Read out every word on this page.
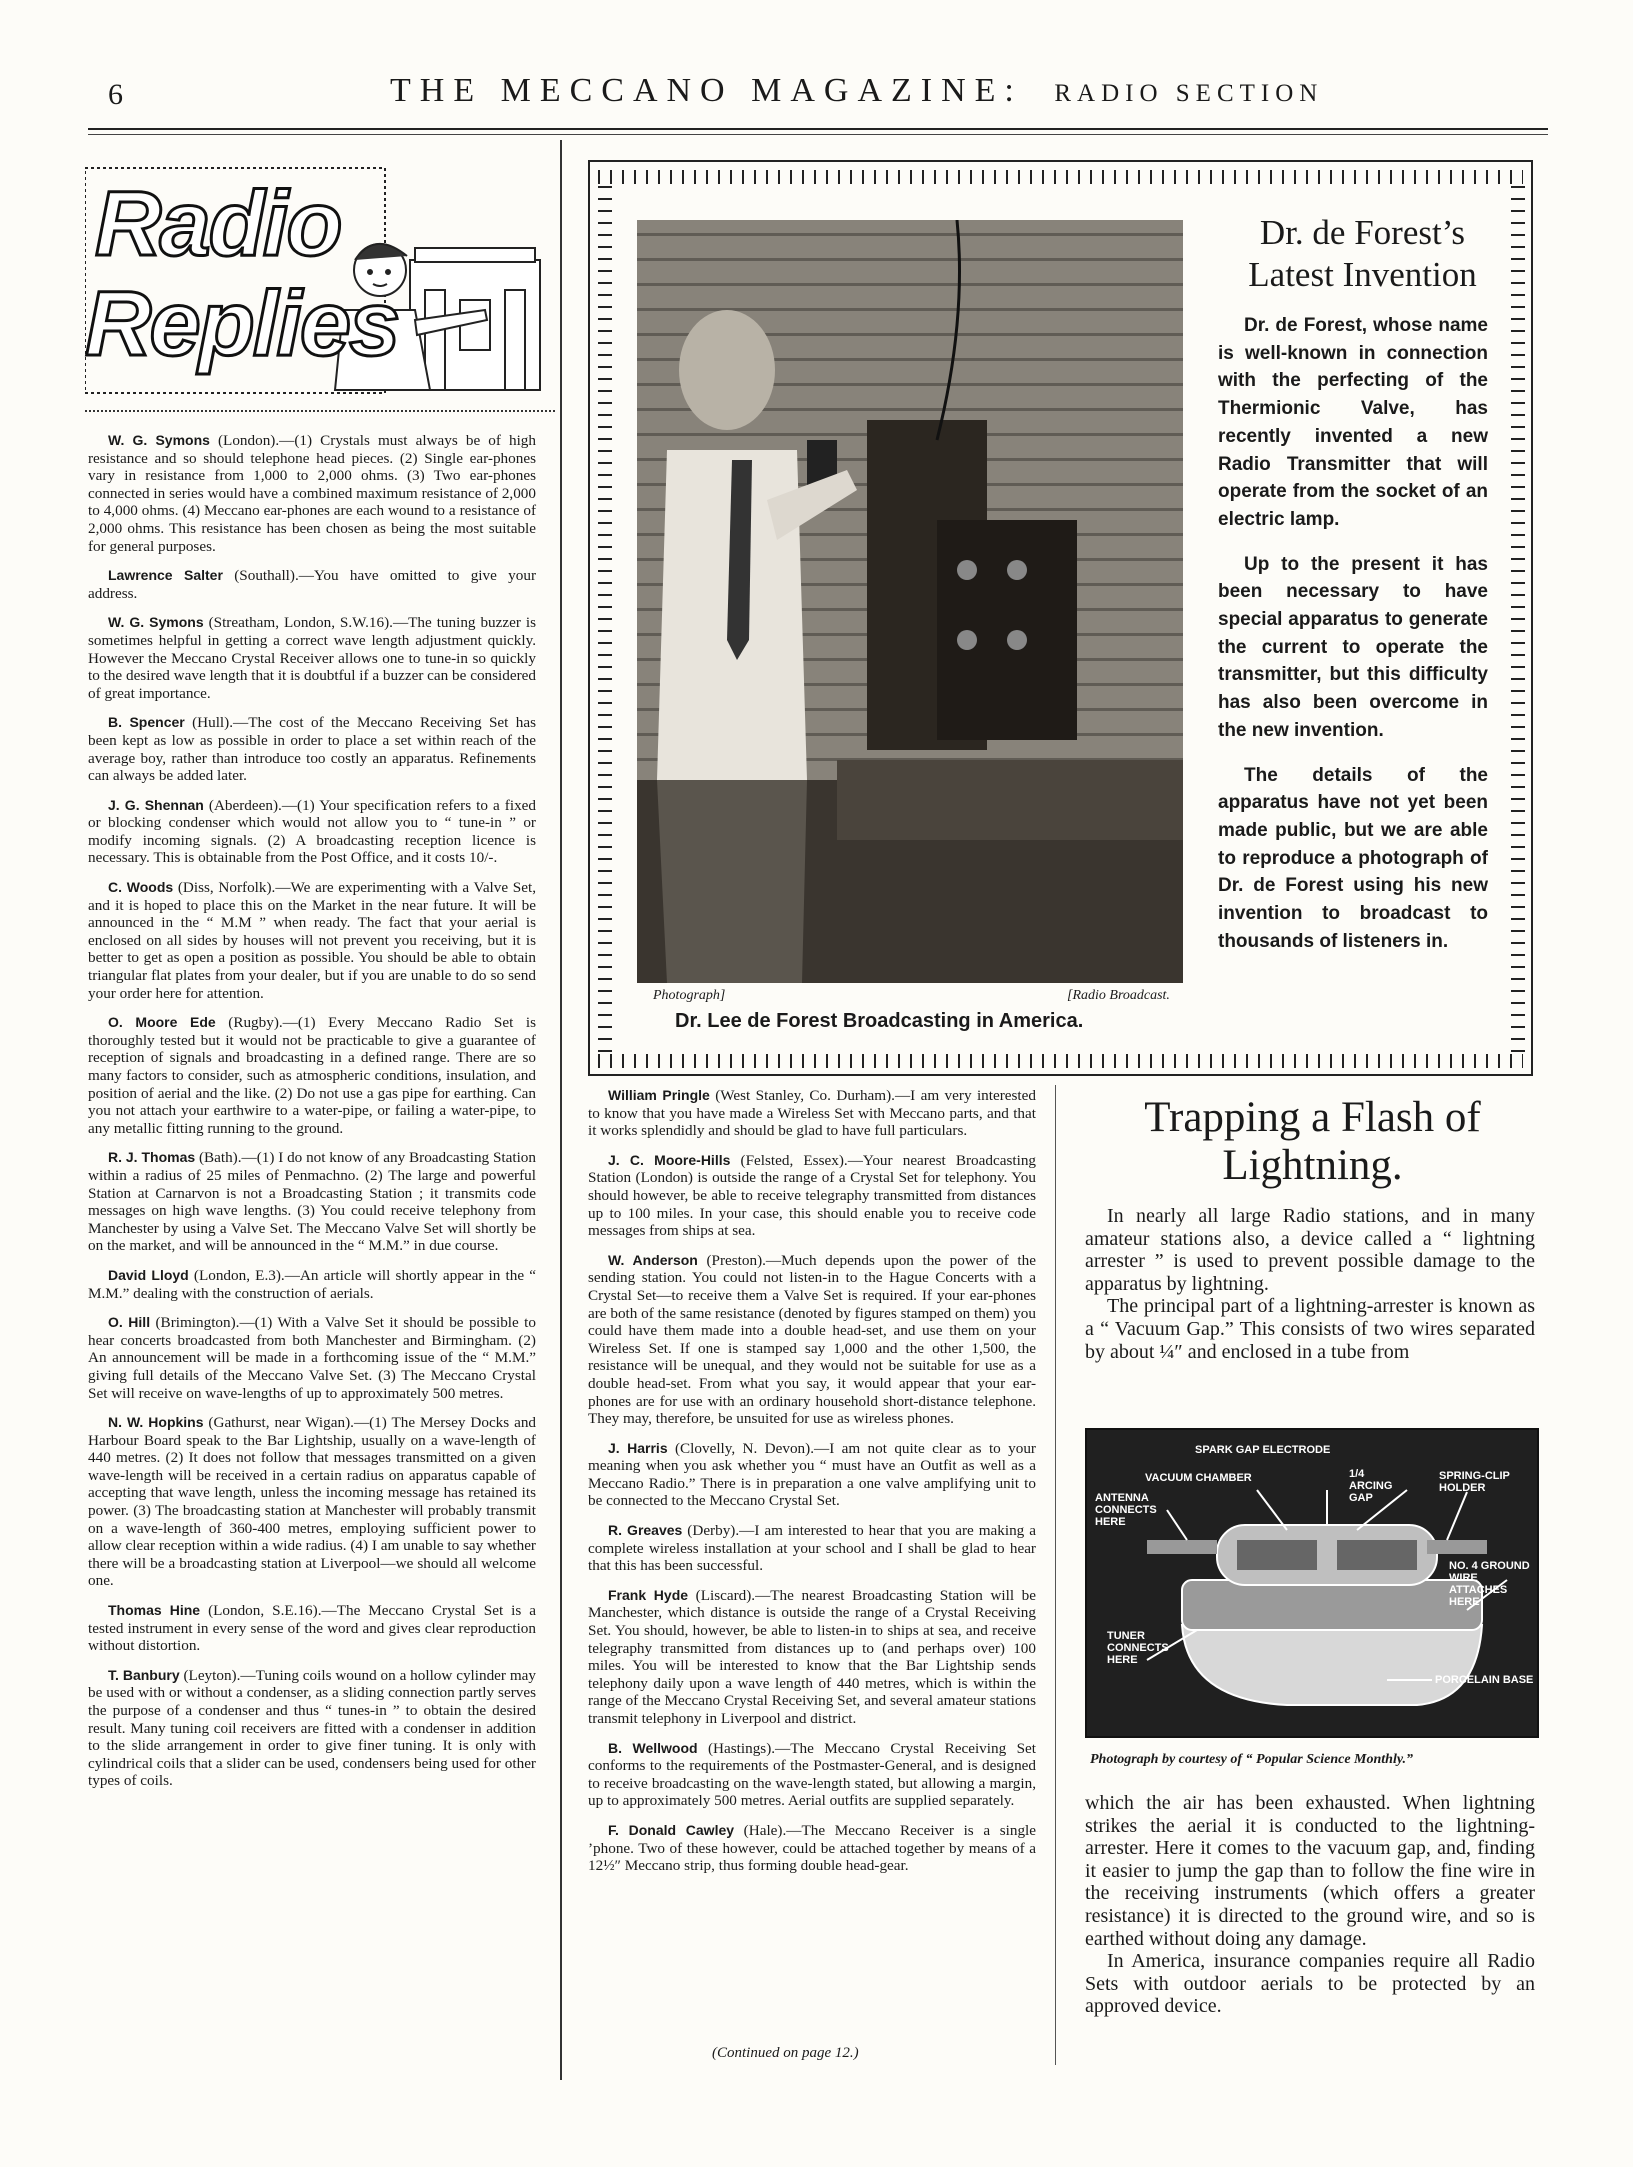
6	THE MECCANO MAGAZINE: RADIO SECTION
Radio
Replies

W. G. Symons (London).—(1) Crystals must always be of high resistance and so should telephone head pieces. (2) Single ear-phones vary in resistance from 1,000 to 2,000 ohms. (3) Two ear-phones connected in series would have a combined maximum resistance of 2,000 to 4,000 ohms. (4) Meccano ear-phones are each wound to a resistance of 2,000 ohms. This resistance has been chosen as being the most suitable for general purposes.

Lawrence Salter (Southall).—You have omitted to give your address.

W. G. Symons (Streatham, London, S.W.16).—The tuning buzzer is sometimes helpful in getting a correct wave length adjustment quickly. However the Meccano Crystal Receiver allows one to tune-in so quickly to the desired wave length that it is doubtful if a buzzer can be considered of great importance.

B. Spencer (Hull).—The cost of the Meccano Receiving Set has been kept as low as possible in order to place a set within reach of the average boy, rather than introduce too costly an apparatus. Refinements can always be added later.

J. G. Shennan (Aberdeen).—(1) Your specification refers to a fixed or blocking condenser which would not allow you to “ tune-in ” or modify incoming signals. (2) A broadcasting reception licence is necessary. This is obtainable from the Post Office, and it costs 10/-.

C. Woods (Diss, Norfolk).—We are experimenting with a Valve Set, and it is hoped to place this on the Market in the near future. It will be announced in the “ M.M ” when ready. The fact that your aerial is enclosed on all sides by houses will not prevent you receiving, but it is better to get as open a position as possible. You should be able to obtain triangular flat plates from your dealer, but if you are unable to do so send your order here for attention.

O. Moore Ede (Rugby).—(1) Every Meccano Radio Set is thoroughly tested but it would not be practicable to give a guarantee of reception of signals and broadcasting in a defined range. There are so many factors to consider, such as atmospheric conditions, insulation, and position of aerial and the like. (2) Do not use a gas pipe for earthing. Can you not attach your earthwire to a water-pipe, or failing a water-pipe, to any metallic fitting running to the ground.

R. J. Thomas (Bath).—(1) I do not know of any Broadcasting Station within a radius of 25 miles of Penmachno. (2) The large and powerful Station at Carnarvon is not a Broadcasting Station ; it transmits code messages on high wave lengths. (3) You could receive telephony from Manchester by using a Valve Set. The Meccano Valve Set will shortly be on the market, and will be announced in the “ M.M.” in due course.

David Lloyd (London, E.3).—An article will shortly appear in the “ M.M.” dealing with the construction of aerials.

O. Hill (Brimington).—(1) With a Valve Set it should be possible to hear concerts broadcasted from both Manchester and Birmingham. (2) An announcement will be made in a forthcoming issue of the “ M.M.” giving full details of the Meccano Valve Set. (3) The Meccano Crystal Set will receive on wave-lengths of up to approximately 500 metres.

N. W. Hopkins (Gathurst, near Wigan).—(1) The Mersey Docks and Harbour Board speak to the Bar Lightship, usually on a wave-length of 440 metres. (2) It does not follow that messages transmitted on a given wave-length will be received in a certain radius on apparatus capable of accepting that wave length, unless the incoming message has retained its power. (3) The broadcasting station at Manchester will probably transmit on a wave-length of 360-400 metres, employing sufficient power to allow clear reception within a wide radius. (4) I am unable to say whether there will be a broadcasting station at Liverpool—we should all welcome one.

Thomas Hine (London, S.E.16).—The Meccano Crystal Set is a tested instrument in every sense of the word and gives clear reproduction without distortion.

T. Banbury (Leyton).—Tuning coils wound on a hollow cylinder may be used with or without a condenser, as a sliding connection partly serves the purpose of a condenser and thus “ tunes-in ” to obtain the desired result. Many tuning coil receivers are fitted with a condenser in addition to the slide arrangement in order to give finer tuning. It is only with cylindrical coils that a slider can be used, condensers being used for other types of coils.

Photograph]	[Radio Broadcast.
Dr. Lee de Forest Broadcasting in America.
Dr. de Forest’s
Latest Invention

Dr. de Forest, whose name is well-known in connection with the perfecting of the Thermionic Valve, has recently invented a new Radio Transmitter that will operate from the socket of an electric lamp.

Up to the present it has been necessary to have special apparatus to generate the current to operate the transmitter, but this difficulty has also been overcome in the new invention.

The details of the apparatus have not yet been made public, but we are able to reproduce a photograph of Dr. de Forest using his new invention to broadcast to thousands of listeners in.

William Pringle (West Stanley, Co. Durham).—I am very interested to know that you have made a Wireless Set with Meccano parts, and that it works splendidly and should be glad to have full particulars.

J. C. Moore-Hills (Felsted, Essex).—Your nearest Broadcasting Station (London) is outside the range of a Crystal Set for telephony. You should however, be able to receive telegraphy transmitted from distances up to 100 miles. In your case, this should enable you to receive code messages from ships at sea.

W. Anderson (Preston).—Much depends upon the power of the sending station. You could not listen-in to the Hague Concerts with a Crystal Set—to receive them a Valve Set is required. If your ear-phones are both of the same resistance (denoted by figures stamped on them) you could have them made into a double head-set, and use them on your Wireless Set. If one is stamped say 1,000 and the other 1,500, the resistance will be unequal, and they would not be suitable for use as a double head-set. From what you say, it would appear that your ear-phones are for use with an ordinary household short-distance telephone. They may, therefore, be unsuited for use as wireless phones.

J. Harris (Clovelly, N. Devon).—I am not quite clear as to your meaning when you ask whether you “ must have an Outfit as well as a Meccano Radio.” There is in preparation a one valve amplifying unit to be connected to the Meccano Crystal Set.

R. Greaves (Derby).—I am interested to hear that you are making a complete wireless installation at your school and I shall be glad to hear that this has been successful.

Frank Hyde (Liscard).—The nearest Broadcasting Station will be Manchester, which distance is outside the range of a Crystal Receiving Set. You should, however, be able to listen-in to ships at sea, and receive telegraphy transmitted from distances up to (and perhaps over) 100 miles. You will be interested to know that the Bar Lightship sends telephony daily upon a wave length of 440 metres, which is within the range of the Meccano Crystal Receiving Set, and several amateur stations transmit telephony in Liverpool and district.

B. Wellwood (Hastings).—The Meccano Crystal Receiving Set conforms to the requirements of the Postmaster-General, and is designed to receive broadcasting on the wave-length stated, but allowing a margin, up to approximately 500 metres. Aerial outfits are supplied separately.

F. Donald Cawley (Hale).—The Meccano Receiver is a single ’phone. Two of these however, could be attached together by means of a 12½″ Meccano strip, thus forming double head-gear.

(Continued on page 12.)
Trapping a Flash of
Lightning.

In nearly all large Radio stations, and in many amateur stations also, a device called a “ lightning arrester ” is used to prevent possible damage to the apparatus by lightning.

The principal part of a lightning-arrester is known as a “ Vacuum Gap.” This consists of two wires separated by about ¼″ and enclosed in a tube from

SPARK GAP ELECTRODE
VACUUM CHAMBER	1/4 ARCING GAP
SPRING-CLIP HOLDER
ANTENNA CONNECTS HERE
NO. 4 GROUND WIRE ATTACHES HERE
TUNER CONNECTS HERE
PORCELAIN BASE
Photograph by courtesy of “ Popular Science Monthly.”

which the air has been exhausted. When lightning strikes the aerial it is conducted to the lightning-arrester. Here it comes to the vacuum gap, and, finding it easier to jump the gap than to follow the fine wire in the receiving instruments (which offers a greater resistance) it is directed to the ground wire, and so is earthed without doing any damage.

In America, insurance companies require all Radio Sets with outdoor aerials to be protected by an approved device.
